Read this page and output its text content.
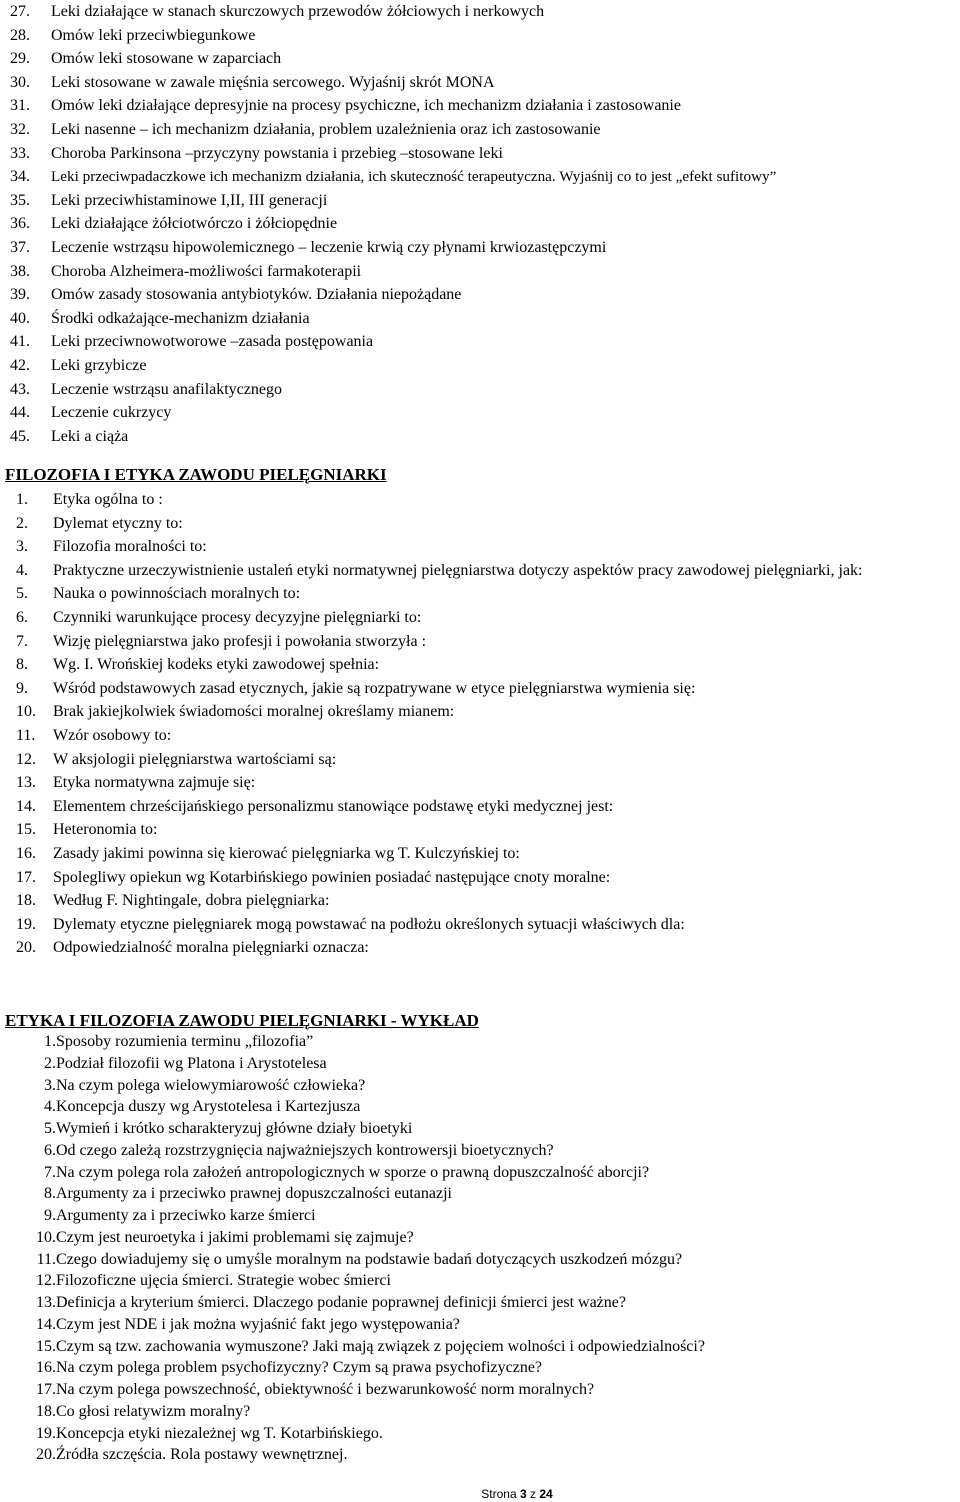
27.	Leki działające w stanach skurczowych przewodów żółciowych i nerkowych
28.	Omów leki przeciwbiegunkowe
29.	Omów leki stosowane w zaparciach
30.	Leki stosowane w zawale mięśnia sercowego. Wyjaśnij skrót MONA
31.	Omów leki działające depresyjnie na procesy psychiczne, ich mechanizm działania i zastosowanie
32.	Leki nasenne – ich mechanizm działania, problem uzależnienia oraz ich zastosowanie
33.	Choroba Parkinsona –przyczyny powstania i przebieg –stosowane leki
34.	Leki przeciwpadaczkowe ich mechanizm działania, ich skuteczność terapeutyczna. Wyjaśnij co to jest „efekt sufitowy”
35.	Leki przeciwhistaminowe I,II, III generacji
36.	Leki działające żółciotwórczo i żółciopędnie
37.	Leczenie wstrząsu hipowolemicznego – leczenie krwią czy płynami krwiozastępczymi
38.	Choroba Alzheimera-możliwości farmakoterapii
39.	Omów zasady stosowania antybiotyków. Działania niepożądane
40.	Środki odkażające-mechanizm działania
41.	Leki przeciwnowotworowe –zasada postępowania
42.	Leki grzybicze
43.	Leczenie wstrząsu anafilaktycznego
44.	Leczenie cukrzycy
45.	Leki a ciąża
FILOZOFIA I ETYKA ZAWODU PIELĘGNIARKI
1.	Etyka ogólna to :
2.	Dylemat etyczny to:
3.	Filozofia moralności to:
4.	Praktyczne urzeczywistnienie ustaleń etyki normatywnej pielęgniarstwa dotyczy aspektów pracy zawodowej pielęgniarki, jak:
5.	Nauka o powinnościach moralnych to:
6.	Czynniki warunkujące procesy decyzyjne pielęgniarki to:
7.	Wizję pielęgniarstwa jako profesji i powołania stworzyła :
8.	Wg. I. Wrońskiej kodeks etyki zawodowej spełnia:
9.	Wśród podstawowych zasad etycznych, jakie są rozpatrywane w etyce pielęgniarstwa wymienia się:
10.	Brak jakiejkolwiek świadomości moralnej określamy mianem:
11.	Wzór osobowy to:
12.	W aksjologii pielęgniarstwa wartościami są:
13.	Etyka normatywna zajmuje się:
14.	Elementem chrześcijańskiego personalizmu stanowiące podstawę etyki medycznej jest:
15.	Heteronomia to:
16.	Zasady jakimi powinna się kierować pielęgniarka wg T. Kulczyńskiej to:
17.	Spolegliwy opiekun wg Kotarbińskiego powinien posiadać następujące cnoty moralne:
18.	Według F. Nightingale, dobra pielęgniarka:
19.	Dylematy etyczne pielęgniarek mogą powstawać na podłożu określonych sytuacji właściwych dla:
20.	Odpowiedzialność moralna pielęgniarki oznacza:
ETYKA I FILOZOFIA ZAWODU PIELĘGNIARKI - WYKŁAD
1. Sposoby rozumienia terminu „filozofia”
2. Podział filozofii wg Platona i Arystotelesa
3. Na czym polega wielowymiarowość człowieka?
4. Koncepcja duszy wg Arystotelesa i Kartezjusza
5. Wymień i krótko scharakteryzuj główne działy bioetyki
6. Od czego zależą rozstrzygnięcia najważniejszych kontrowersji bioetycznych?
7. Na czym polega rola założeń antropologicznych w sporze o prawną dopuszczalność aborcji?
8. Argumenty za i przeciwko prawnej dopuszczalności eutanazji
9. Argumenty za i przeciwko karze śmierci
10. Czym jest neuroetyka i jakimi problemami się zajmuje?
11. Czego dowiadujemy się o umyśle moralnym na podstawie badań dotyczących uszkodzeń mózgu?
12. Filozoficzne ujęcia śmierci. Strategie wobec śmierci
13. Definicja a kryterium śmierci. Dlaczego podanie poprawnej definicji śmierci jest ważne?
14. Czym jest NDE i jak można wyjaśnić fakt jego występowania?
15. Czym są tzw. zachowania wymuszone? Jaki mają związek z pojęciem wolności i odpowiedzialności?
16. Na czym polega problem psychofizyczny? Czym są prawa psychofizyczne?
17. Na czym polega powszechność, obiektywność i bezwarunkowość norm moralnych?
18. Co głosi relatywizm moralny?
19. Koncepcja etyki niezależnej wg T. Kotarbińskiego.
20. Źródła szczęścia. Rola postawy wewnętrznej.
Strona 3 z 24
